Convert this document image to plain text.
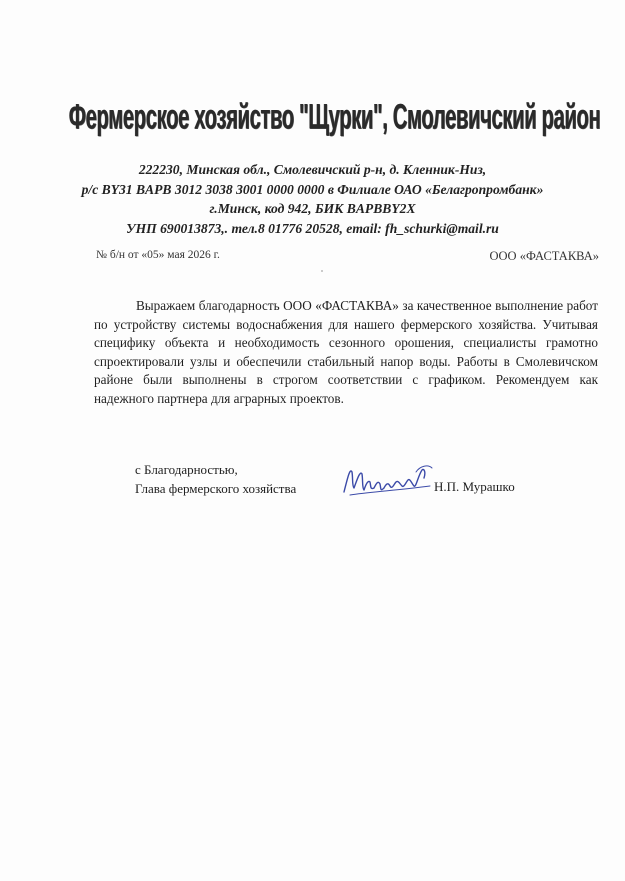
Фермерское хозяйство "Щурки", Смолевичский район
222230, Минская обл., Смолевичский р-н, д. Кленник-Низ,
р/с BY31 BAPB 3012 3038 3001 0000 0000 в Филиале ОАО «Белагропромбанк»
г.Минск, код 942, БИК BAPBBY2X
УНП 690013873,. тел.8 01776 20528, email: fh_schurki@mail.ru
№ б/н от «05» мая 2026 г.	ООО «ФАСТАКВА»
Выражаем благодарность ООО «ФАСТАКВА» за качественное выполнение работ по устройству системы водоснабжения для нашего фермерского хозяйства. Учитывая специфику объекта и необходимость сезонного орошения, специалисты грамотно спроектировали узлы и обеспечили стабильный напор воды. Работы в Смолевичском районе были выполнены в строгом соответствии с графиком. Рекомендуем как надежного партнера для аграрных проектов.
с Благодарностью,
Глава фермерского хозяйства	Н.П. Мурашко
